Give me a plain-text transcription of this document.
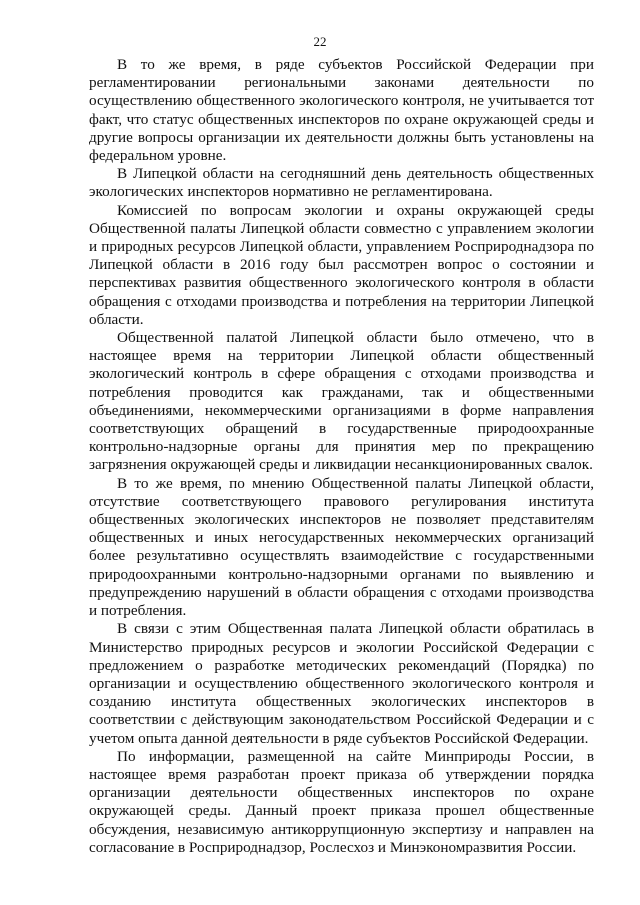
22

В то же время, в ряде субъектов Российской Федерации при регламентировании региональными законами деятельности по осуществлению общественного экологического контроля, не учитывается тот факт, что статус общественных инспекторов по охране окружающей среды и другие вопросы организации их деятельности должны быть установлены на федеральном уровне.

В Липецкой области на сегодняшний день деятельность общественных экологических инспекторов нормативно не регламентирована.

Комиссией по вопросам экологии и охраны окружающей среды Общественной палаты Липецкой области совместно с управлением экологии и природных ресурсов Липецкой области, управлением Росприроднадзора по Липецкой области в 2016 году был рассмотрен вопрос о состоянии и перспективах развития общественного экологического контроля в области обращения с отходами производства и потребления на территории Липецкой области.

Общественной палатой Липецкой области было отмечено, что в настоящее время на территории Липецкой области общественный экологический контроль в сфере обращения с отходами производства и потребления проводится как гражданами, так и общественными объединениями, некоммерческими организациями в форме направления соответствующих обращений в государственные природоохранные контрольно-надзорные органы для принятия мер по прекращению загрязнения окружающей среды и ликвидации несанкционированных свалок.

В то же время, по мнению Общественной палаты Липецкой области, отсутствие соответствующего правового регулирования института общественных экологических инспекторов не позволяет представителям общественных и иных негосударственных некоммерческих организаций более результативно осуществлять взаимодействие с государственными природоохранными контрольно-надзорными органами по выявлению и предупреждению нарушений в области обращения с отходами производства и потребления.

В связи с этим Общественная палата Липецкой области обратилась в Министерство природных ресурсов и экологии Российской Федерации с предложением о разработке методических рекомендаций (Порядка) по организации и осуществлению общественного экологического контроля и созданию института общественных экологических инспекторов в соответствии с действующим законодательством Российской Федерации и с учетом опыта данной деятельности в ряде субъектов Российской Федерации.

По информации, размещенной на сайте Минприроды России, в настоящее время разработан проект приказа об утверждении порядка организации деятельности общественных инспекторов по охране окружающей среды. Данный проект приказа прошел общественные обсуждения, независимую антикоррупционную экспертизу и направлен на согласование в Росприроднадзор, Рослесхоз и Минэкономразвития России.
